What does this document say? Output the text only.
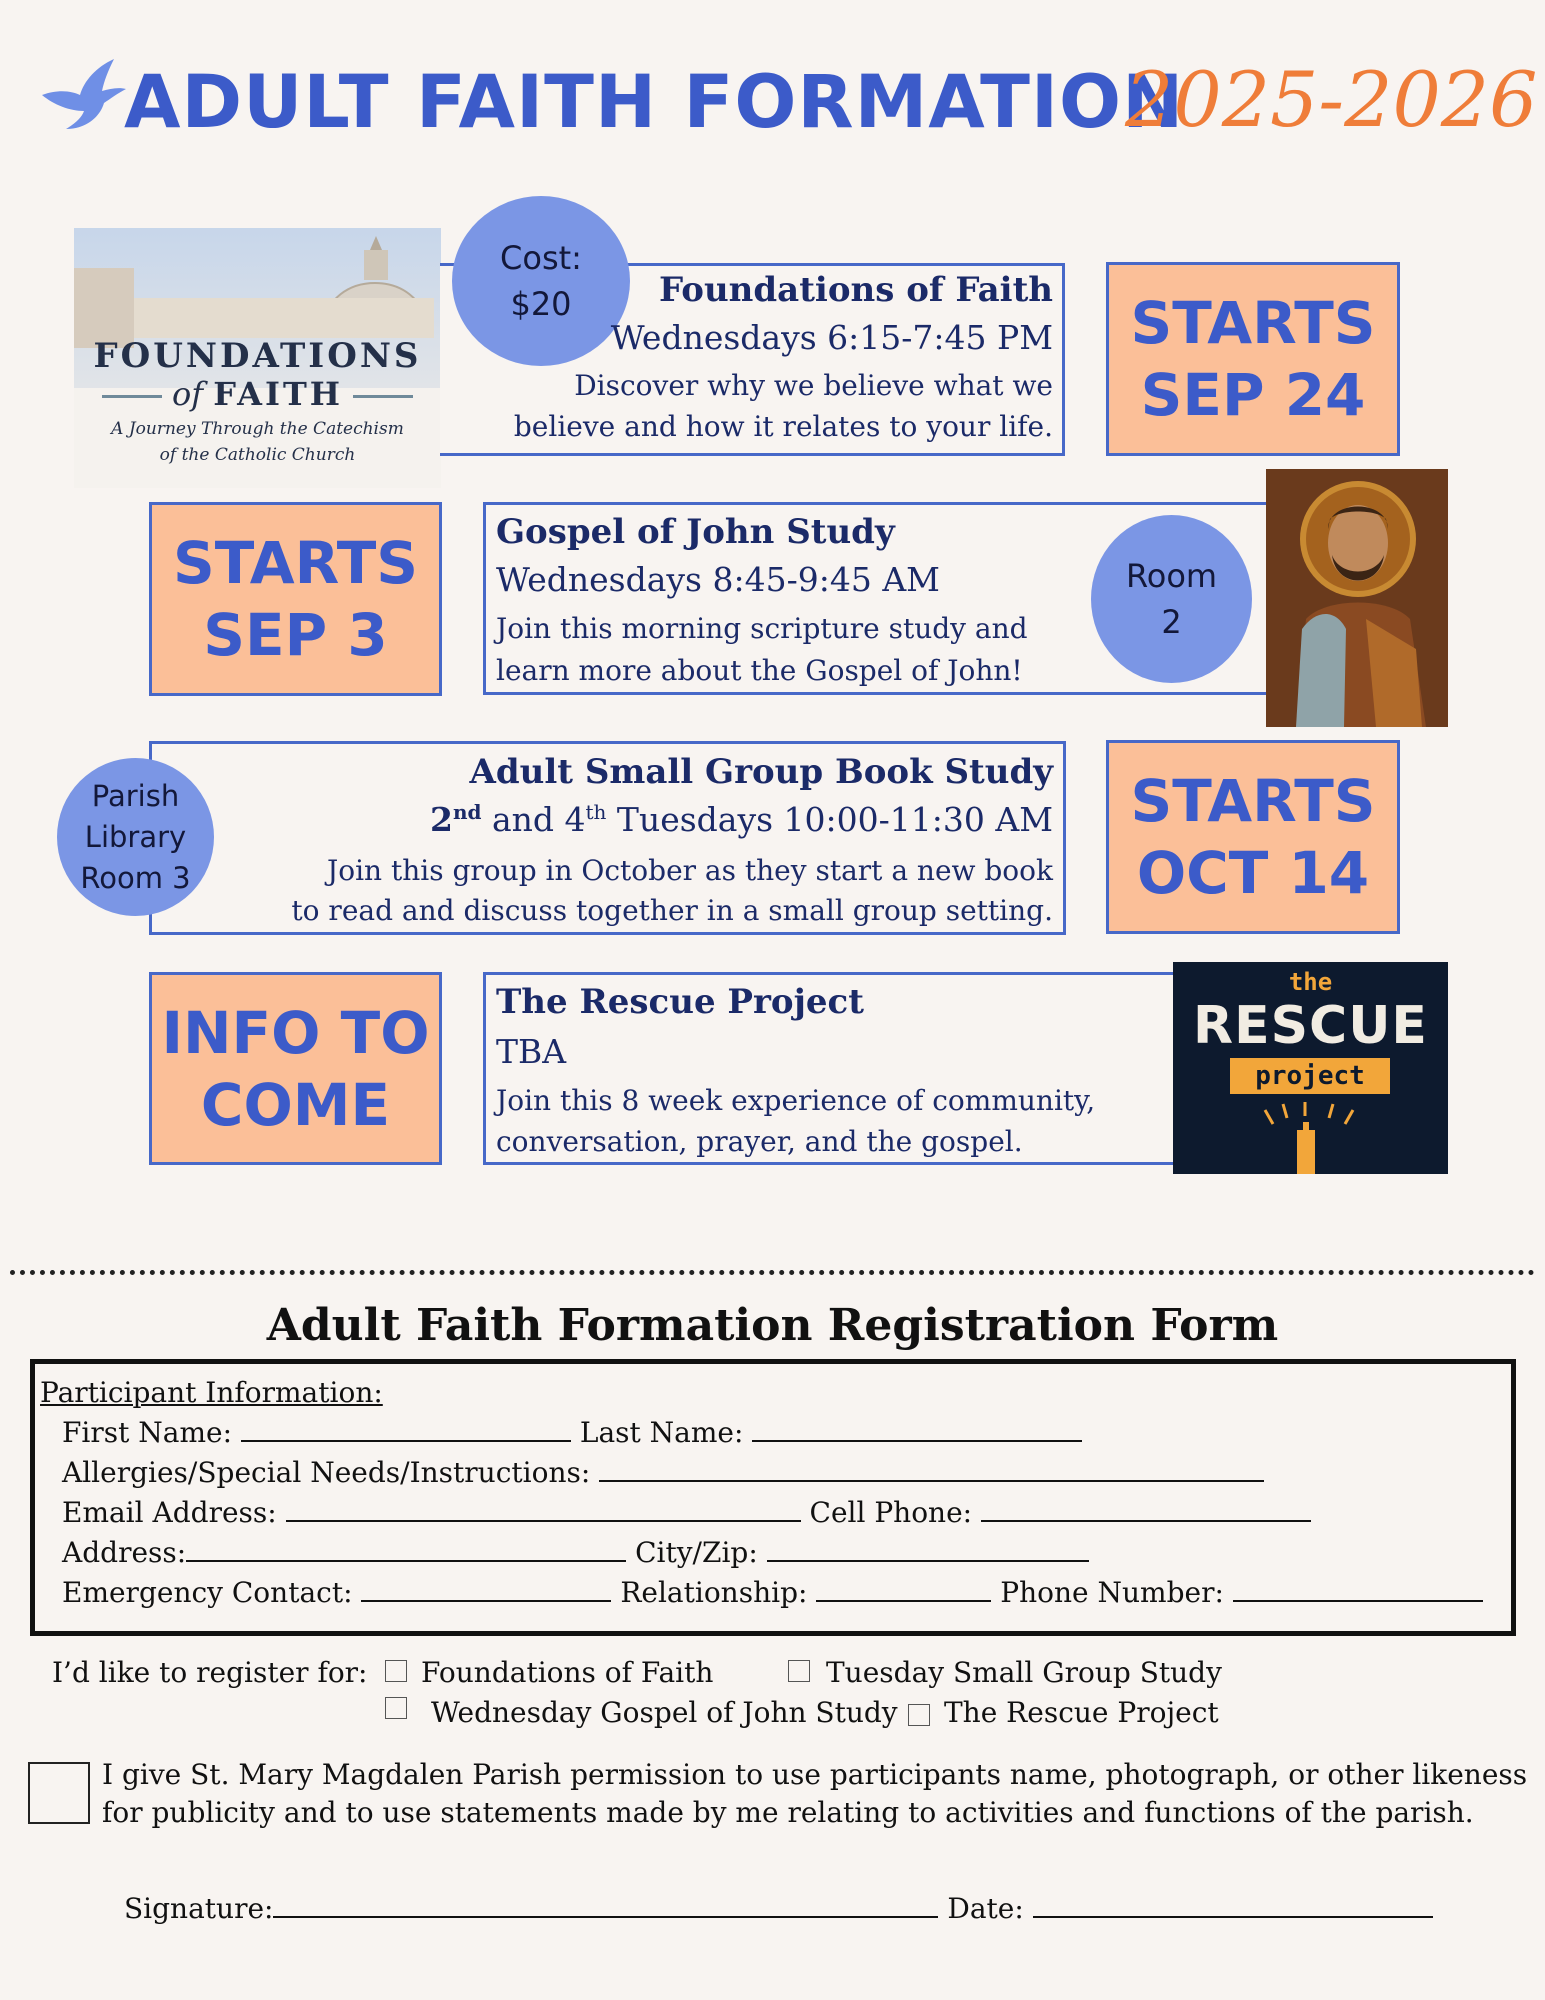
ADULT FAITH FORMATION
2025-2026
FOUNDATIONS
of FAITH
A Journey Through the Catechism
of the Catholic Church
Cost:
$20	Foundations of Faith
Wednesdays 6:15-7:45 PM
Discover why we believe what we
believe and how it relates to your life.
STARTS
SEP 24
STARTS
SEP 3
Gospel of John Study
Wednesdays 8:45-9:45 AM
Join this morning scripture study and
learn more about the Gospel of John!
Room
2
Parish
Library
Room 3
Adult Small Group Book Study
2nd and 4th Tuesdays 10:00-11:30 AM
Join this group in October as they start a new book
to read and discuss together in a small group setting.
STARTS
OCT 14
INFO TO
COME
The Rescue Project
TBA
Join this 8 week experience of community,
conversation, prayer, and the gospel.
the
RESCUE
project
Adult Faith Formation Registration Form
Participant Information:
First Name:	Last Name:
Allergies/Special Needs/Instructions:
Email Address:	Cell Phone:
Address:	City/Zip:
Emergency Contact:	Relationship:	Phone Number:
I’d like to register for: Foundations of Faith	Tuesday Small Group Study
Wednesday Gospel of John Study The Rescue Project
I give St. Mary Magdalen Parish permission to use participants name, photograph, or other likeness
for publicity and to use statements made by me relating to activities and functions of the parish.
Signature:	Date:
